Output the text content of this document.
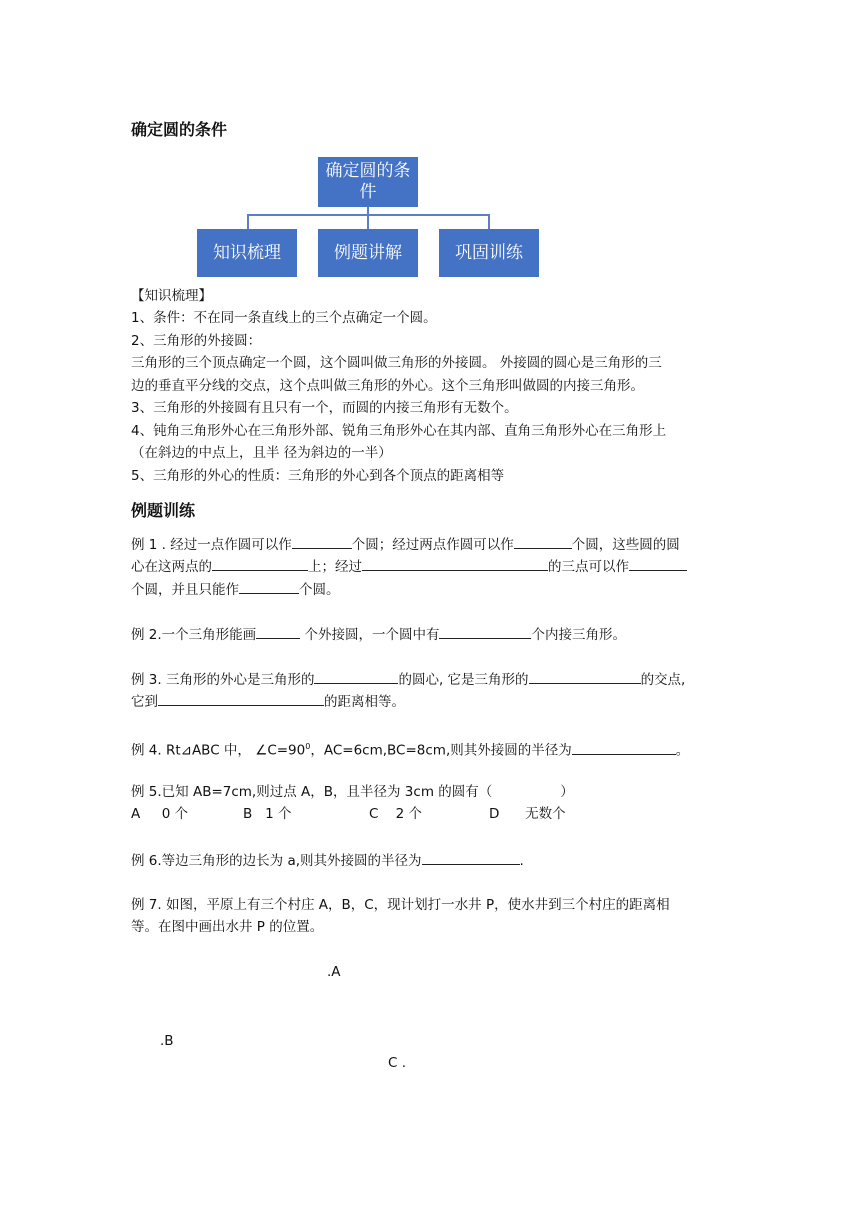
确定圆的条件
确定圆的条件
知识梳理	例题讲解	巩固训练
【知识梳理】
1、条件：不在同一条直线上的三个点确定一个圆。
2、三角形的外接圆：
三角形的三个顶点确定一个圆，这个圆叫做三角形的外接圆。 外接圆的圆心是三角形的三
边的垂直平分线的交点，这个点叫做三角形的外心。这个三角形叫做圆的内接三角形。
3、三角形的外接圆有且只有一个，而圆的内接三角形有无数个。
4、钝角三角形外心在三角形外部、锐角三角形外心在其内部、直角三角形外心在三角形上
（在斜边的中点上，且半 径为斜边的一半）
5、三角形的外心的性质：三角形的外心到各个顶点的距离相等
例题训练
例 1 . 经过一点作圆可以作	个圆；经过两点作圆可以作	个圆，这些圆的圆
心在这两点的	上；经过	的三点可以作
个圆，并且只能作	个圆。
例 2.一个三角形能画	个外接圆，一个圆中有	个内接三角形。
例 3. 三角形的外心是三角形的	的圆心, 它是三角形的	的交点,
它到	的距离相等。
例 4. Rt⊿ABC 中， $\angle C=90^0$，AC=6cm,BC=8cm,则其外接圆的半径为	。
例 5.已知 AB=7cm,则过点 A，B，且半径为 3cm 的圆有（	）
A 0 个	B 1 个	C 2 个	D 无数个
例 6.等边三角形的边长为 a,则其外接圆的半径为	.
例 7. 如图，平原上有三个村庄 A，B，C，现计划打一水井 P，使水井到三个村庄的距离相
等。在图中画出水井 P 的位置。
.A
.B
C .
